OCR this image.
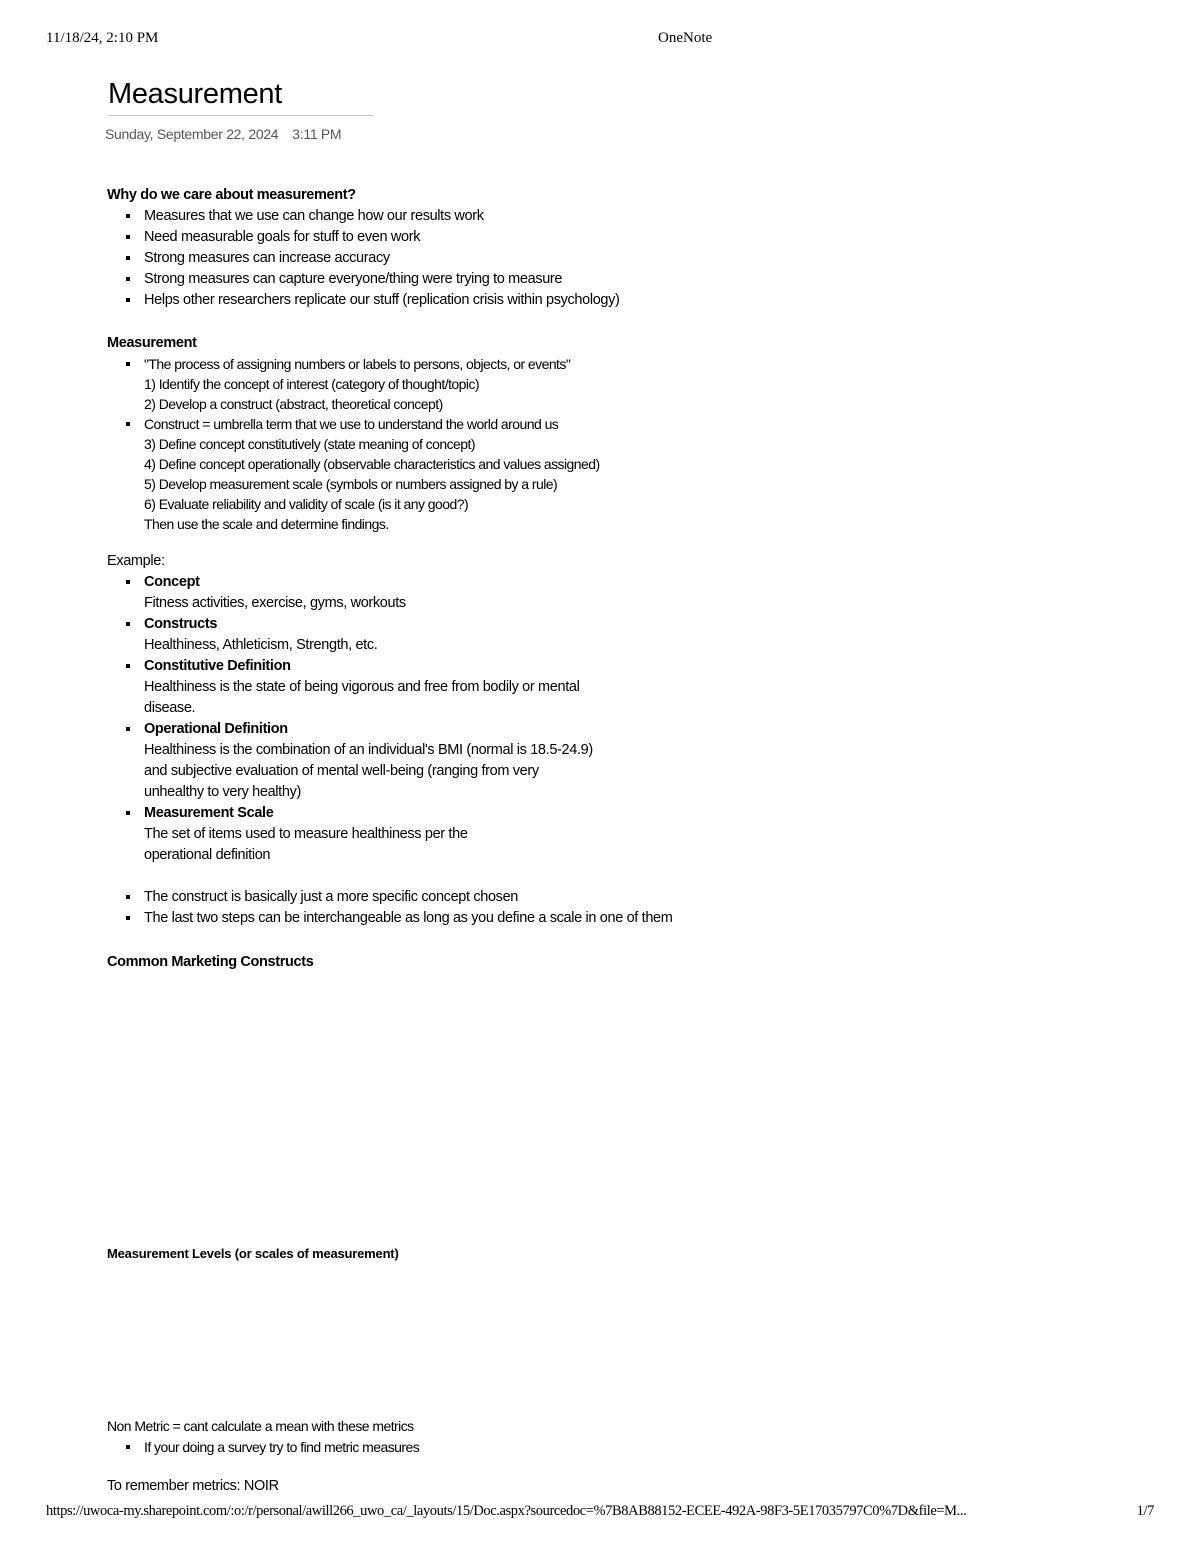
11/18/24, 2:10 PM	OneNote
Measurement
Sunday, September 22, 2024 3:11 PM

Why do we care about measurement?

Measures that we use can change how our results work
Need measurable goals for stuff to even work
Strong measures can increase accuracy
Strong measures can capture everyone/thing were trying to measure
Helps other researchers replicate our stuff (replication crisis within psychology)

Measurement

"The process of assigning numbers or labels to persons, objects, or events"
1) Identify the concept of interest (category of thought/topic)
2) Develop a construct (abstract, theoretical concept)
Construct = umbrella term that we use to understand the world around us
3) Define concept constitutively (state meaning of concept)
4) Define concept operationally (observable characteristics and values assigned)
5) Develop measurement scale (symbols or numbers assigned by a rule)
6) Evaluate reliability and validity of scale (is it any good?)
Then use the scale and determine findings.

Example:

Concept
Fitness activities, exercise, gyms, workouts
Constructs
Healthiness, Athleticism, Strength, etc.
Constitutive Definition
Healthiness is the state of being vigorous and free from bodily or mental disease.
Operational Definition
Healthiness is the combination of an individual's BMI (normal is 18.5-24.9) and subjective evaluation of mental well-being (ranging from very unhealthy to very healthy)
Measurement Scale
The set of items used to measure healthiness per the operational definition
The construct is basically just a more specific concept chosen
The last two steps can be interchangeable as long as you define a scale in one of them

Common Marketing Constructs

Measurement Levels (or scales of measurement)

Non Metric = cant calculate a mean with these metrics

If your doing a survey try to find metric measures

To remember metrics: NOIR

https://uwoca-my.sharepoint.com/:o:/r/personal/awill266_uwo_ca/_layouts/15/Doc.aspx?sourcedoc=%7B8AB88152-ECEE-492A-98F3-5E17035797C0%7D&file=M...	1/7
